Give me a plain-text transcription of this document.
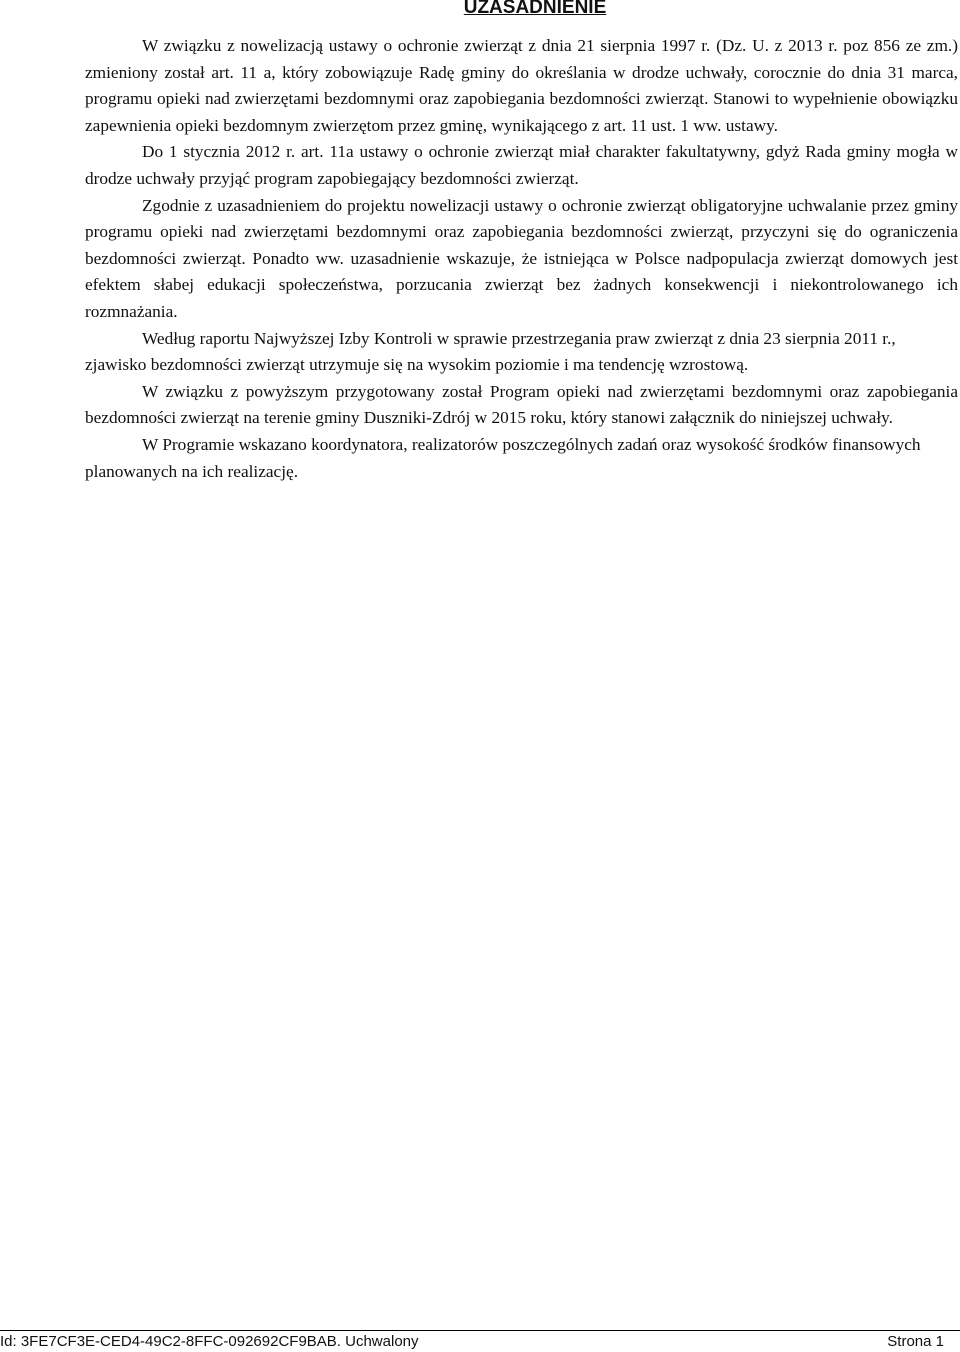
UZASADNIENIE

W związku z nowelizacją ustawy o ochronie zwierząt z dnia 21 sierpnia 1997 r. (Dz. U. z 2013 r. poz 856 ze zm.) zmieniony został art. 11 a, który zobowiązuje Radę gminy do określania w drodze uchwały, corocznie do dnia 31 marca, programu opieki nad zwierzętami bezdomnymi oraz zapobiegania bezdomności zwierząt. Stanowi to wypełnienie obowiązku zapewnienia opieki bezdomnym zwierzętom przez gminę, wynikającego z art. 11 ust. 1 ww. ustawy.

Do 1 stycznia 2012 r. art. 11a ustawy o ochronie zwierząt miał charakter fakultatywny, gdyż Rada gminy mogła w drodze uchwały przyjąć program zapobiegający bezdomności zwierząt.

Zgodnie z uzasadnieniem do projektu nowelizacji ustawy o ochronie zwierząt obligatoryjne uchwalanie przez gminy programu opieki nad zwierzętami bezdomnymi oraz zapobiegania bezdomności zwierząt, przyczyni się do ograniczenia bezdomności zwierząt. Ponadto ww. uzasadnienie wskazuje, że istniejąca w Polsce nadpopulacja zwierząt domowych jest efektem słabej edukacji społeczeństwa, porzucania zwierząt bez żadnych konsekwencji i niekontrolowanego ich rozmnażania.

Według raportu Najwyższej Izby Kontroli w sprawie przestrzegania praw zwierząt z dnia 23 sierpnia 2011 r., zjawisko bezdomności zwierząt utrzymuje się na wysokim poziomie i ma tendencję wzrostową.

W związku z powyższym przygotowany został Program opieki nad zwierzętami bezdomnymi oraz zapobiegania bezdomności zwierząt na terenie gminy Duszniki-Zdrój w 2015 roku, który stanowi załącznik do niniejszej uchwały.

W Programie wskazano koordynatora, realizatorów poszczególnych zadań oraz wysokość środków finansowych planowanych na ich realizację.

Id: 3FE7CF3E-CED4-49C2-8FFC-092692CF9BAB. Uchwalony	Strona 1
